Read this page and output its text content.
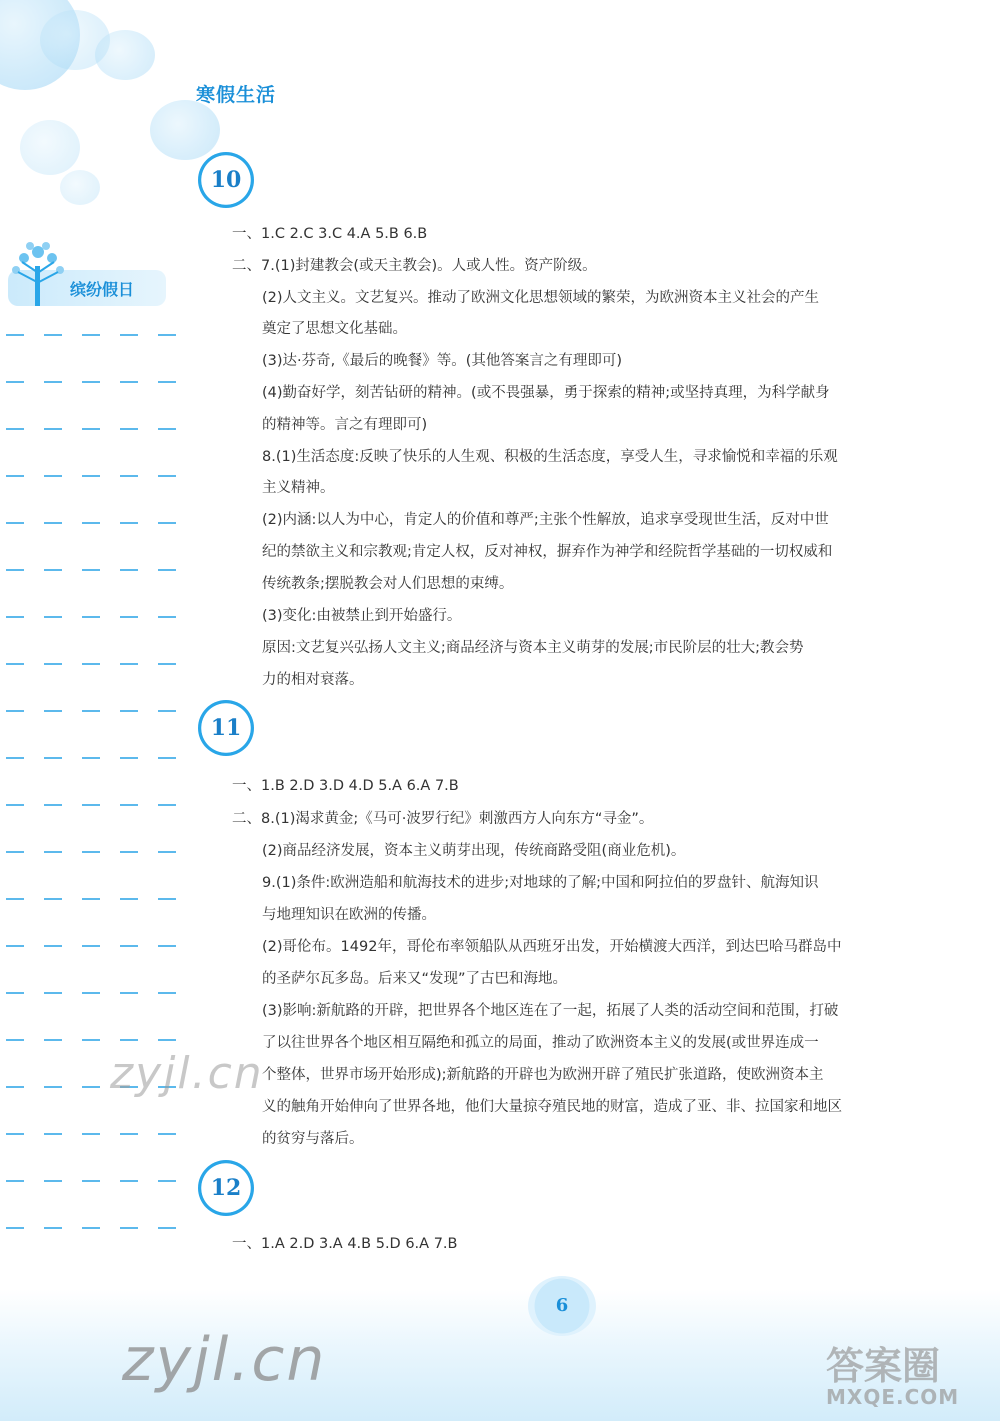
寒假生活
缤纷假日
10
一、1.C 2.C 3.C 4.A 5.B 6.B
二、7.(1)封建教会(或天主教会)。人或人性。资产阶级。
(2)人文主义。文艺复兴。推动了欧洲文化思想领域的繁荣，为欧洲资本主义社会的产生
奠定了思想文化基础。
(3)达·芬奇,《最后的晚餐》等。(其他答案言之有理即可)
(4)勤奋好学，刻苦钻研的精神。(或不畏强暴，勇于探索的精神;或坚持真理，为科学献身
的精神等。言之有理即可)
8.(1)生活态度:反映了快乐的人生观、积极的生活态度，享受人生，寻求愉悦和幸福的乐观
主义精神。
(2)内涵:以人为中心，肯定人的价值和尊严;主张个性解放，追求享受现世生活，反对中世
纪的禁欲主义和宗教观;肯定人权，反对神权，摒弃作为神学和经院哲学基础的一切权威和
传统教条;摆脱教会对人们思想的束缚。
(3)变化:由被禁止到开始盛行。
原因:文艺复兴弘扬人文主义;商品经济与资本主义萌芽的发展;市民阶层的壮大;教会势
力的相对衰落。
11
一、1.B 2.D 3.D 4.D 5.A 6.A 7.B
二、8.(1)渴求黄金;《马可·波罗行纪》刺激西方人向东方“寻金”。
(2)商品经济发展，资本主义萌芽出现，传统商路受阻(商业危机)。
9.(1)条件:欧洲造船和航海技术的进步;对地球的了解;中国和阿拉伯的罗盘针、航海知识
与地理知识在欧洲的传播。
(2)哥伦布。1492年，哥伦布率领船队从西班牙出发，开始横渡大西洋，到达巴哈马群岛中
的圣萨尔瓦多岛。后来又“发现”了古巴和海地。
(3)影响:新航路的开辟，把世界各个地区连在了一起，拓展了人类的活动空间和范围，打破
了以往世界各个地区相互隔绝和孤立的局面，推动了欧洲资本主义的发展(或世界连成一
个整体，世界市场开始形成);新航路的开辟也为欧洲开辟了殖民扩张道路，使欧洲资本主
义的触角开始伸向了世界各地，他们大量掠夺殖民地的财富，造成了亚、非、拉国家和地区
的贫穷与落后。
12
一、1.A 2.D 3.A 4.B 5.D 6.A 7.B
6
zyjl.cn
zyjl.cn	答案圈
MXQE.COM
